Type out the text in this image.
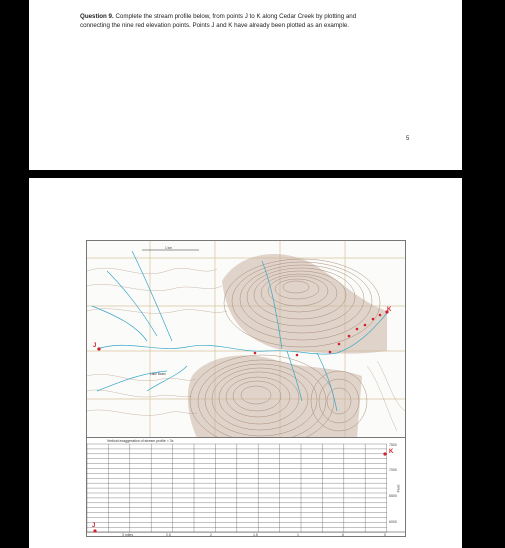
Question 9. Complete the stream profile below, from points J to K along Cedar Creek by plotting and
connecting the nine red elevation points. Points J and K have already been plotted as an example.
5
1 km
J
K
Lake Basin
Vertical exaggeration of stream profile = 3x
J
K
7500
7000
6500
6000
Feet
3 miles	2.5	2	1.5	1	.5	0
